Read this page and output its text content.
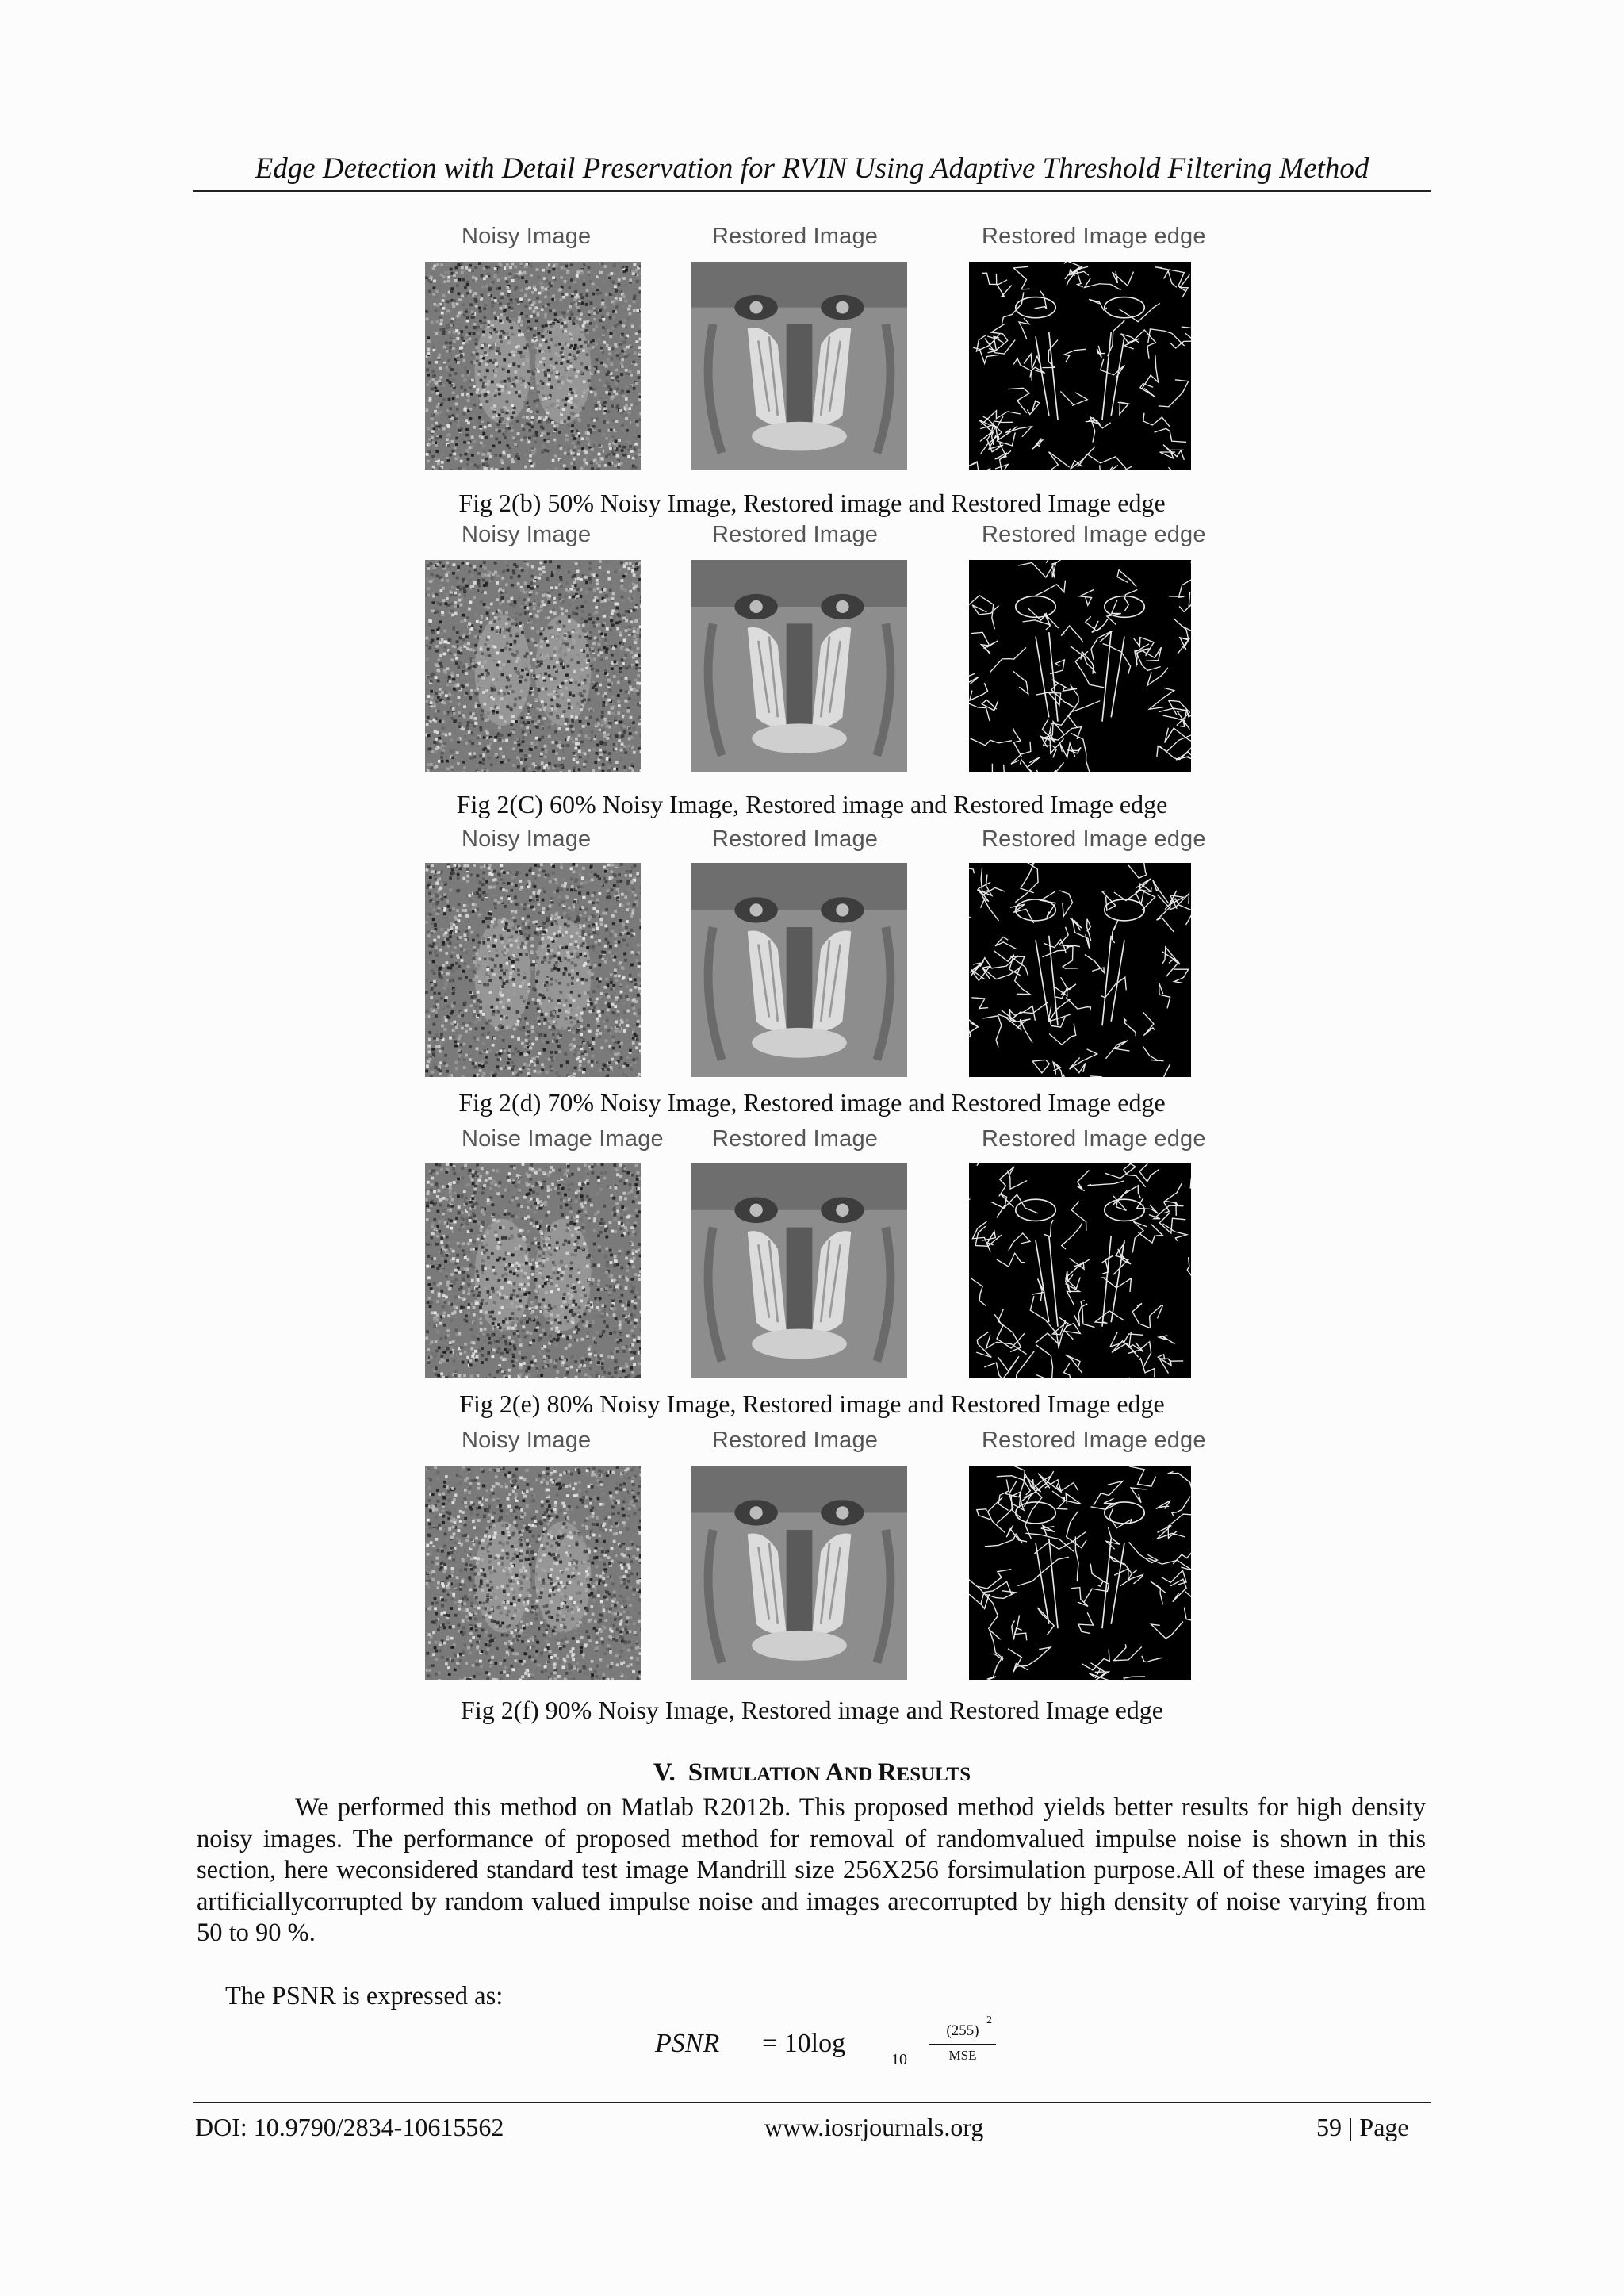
Edge Detection with Detail Preservation for RVIN Using Adaptive Threshold Filtering Method
Noisy Image	Restored Image	Restored Image edge
Fig 2(b) 50% Noisy Image, Restored image and Restored Image edge
Noisy Image	Restored Image	Restored Image edge
Fig 2(C) 60% Noisy Image, Restored image and Restored Image edge
Noisy Image	Restored Image	Restored Image edge
Fig 2(d) 70% Noisy Image, Restored image and Restored Image edge
Noise Image Image Restored Image	Restored Image edge
Fig 2(e) 80% Noisy Image, Restored image and Restored Image edge
Noisy Image	Restored Image	Restored Image edge
Fig 2(f) 90% Noisy Image, Restored image and Restored Image edge
V. SIMULATION AND RESULTS
We performed this method on Matlab R2012b. This proposed method yields better results for high density noisy images. The performance of proposed method for removal of randomvalued impulse noise is shown in this section, here weconsidered standard test image Mandrill size 256X256 forsimulation purpose.All of these images are artificiallycorrupted by random valued impulse noise and images arecorrupted by high density of noise varying from 50 to 90 %.
The PSNR is expressed as:
PSNR = 10log
10
(255)
2
MSE
DOI: 10.9790/2834-10615562	www.iosrjournals.org	59 | Page
